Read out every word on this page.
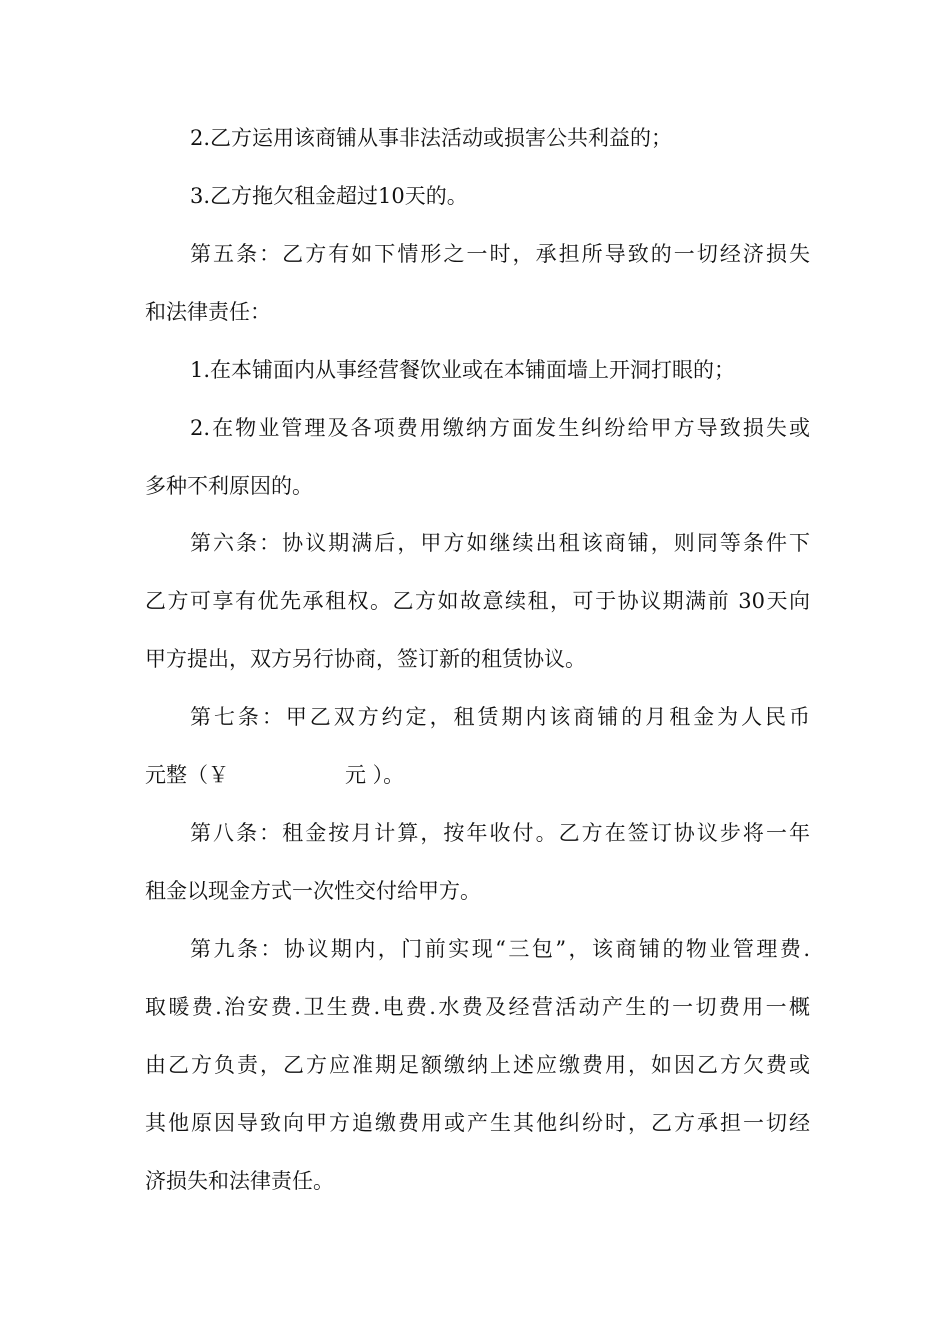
2.乙方运用该商铺从事非法活动或损害公共利益的；
3.乙方拖欠租金超过10天的。
第五条：乙方有如下情形之一时，承担所导致的一切经济损失
和法律责任：
1.在本铺面内从事经营餐饮业或在本铺面墙上开洞打眼的；
2.在物业管理及各项费用缴纳方面发生纠纷给甲方导致损失或
多种不利原因的。
第六条：协议期满后，甲方如继续出租该商铺，则同等条件下
乙方可享有优先承租权。乙方如故意续租，可于协议期满前 30天向
甲方提出，双方另行协商，签订新的租赁协议。
第七条：甲乙双方约定，租赁期内该商铺的月租金为人民币
元整（￥	元 ）。
第八条：租金按月计算，按年收付。乙方在签订协议步将一年
租金以现金方式一次性交付给甲方。
第九条：协议期内，门前实现“三包”，该商铺的物业管理费.
取暖费.治安费.卫生费.电费.水费及经营活动产生的一切费用一概
由乙方负责，乙方应准期足额缴纳上述应缴费用，如因乙方欠费或
其他原因导致向甲方追缴费用或产生其他纠纷时，乙方承担一切经
济损失和法律责任。
